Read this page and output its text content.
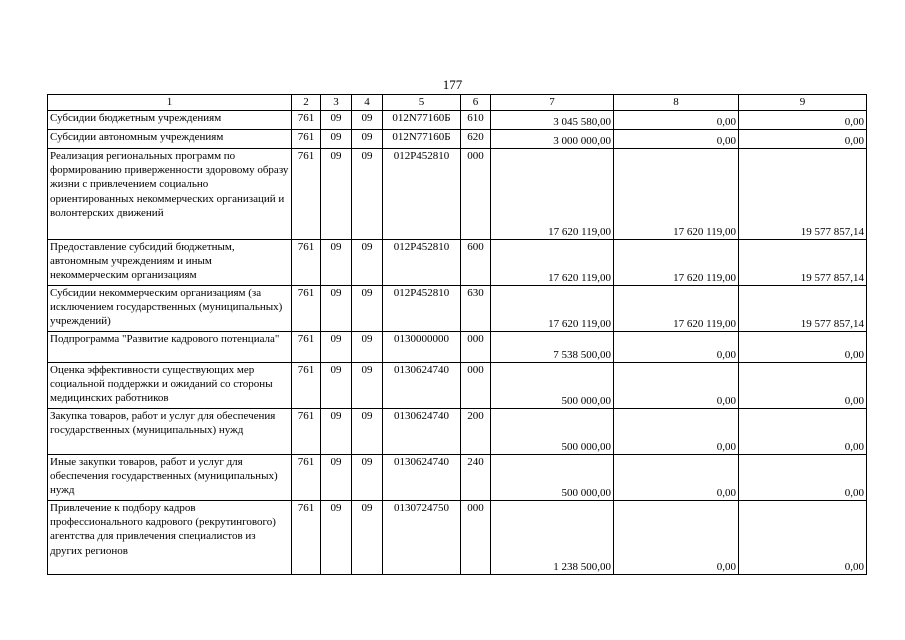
177
1	2	3	4	5	6	7	8	9
Субсидии бюджетным учреждениям	761	09	09	012N77160Б	610	3 045 580,00	0,00	0,00
Субсидии автономным учреждениям	761	09	09	012N77160Б	620	3 000 000,00	0,00	0,00
Реализация региональных программ по формированию приверженности здоровому образу жизни с привлечением социально ориентированных некоммерческих организаций и волонтерских движений	761	09	09	012P452810	000	17 620 119,00	17 620 119,00	19 577 857,14
Предоставление субсидий бюджетным, автономным учреждениям и иным некоммерческим организациям	761	09	09	012P452810	600	17 620 119,00	17 620 119,00	19 577 857,14
Субсидии некоммерческим организациям (за исключением государственных (муниципальных) учреждений)	761	09	09	012P452810	630	17 620 119,00	17 620 119,00	19 577 857,14
Подпрограмма "Развитие кадрового потенциала"	761	09	09	0130000000	000	7 538 500,00	0,00	0,00
Оценка эффективности существующих мер социальной поддержки и ожиданий со стороны медицинских работников	761	09	09	0130624740	000	500 000,00	0,00	0,00
Закупка товаров, работ и услуг для обеспечения государственных (муниципальных) нужд	761	09	09	0130624740	200	500 000,00	0,00	0,00
Иные закупки товаров, работ и услуг для обеспечения государственных (муниципальных) нужд	761	09	09	0130624740	240	500 000,00	0,00	0,00
Привлечение к подбору кадров профессионального кадрового (рекрутингового) агентства для привлечения специалистов из других регионов	761	09	09	0130724750	000	1 238 500,00	0,00	0,00
